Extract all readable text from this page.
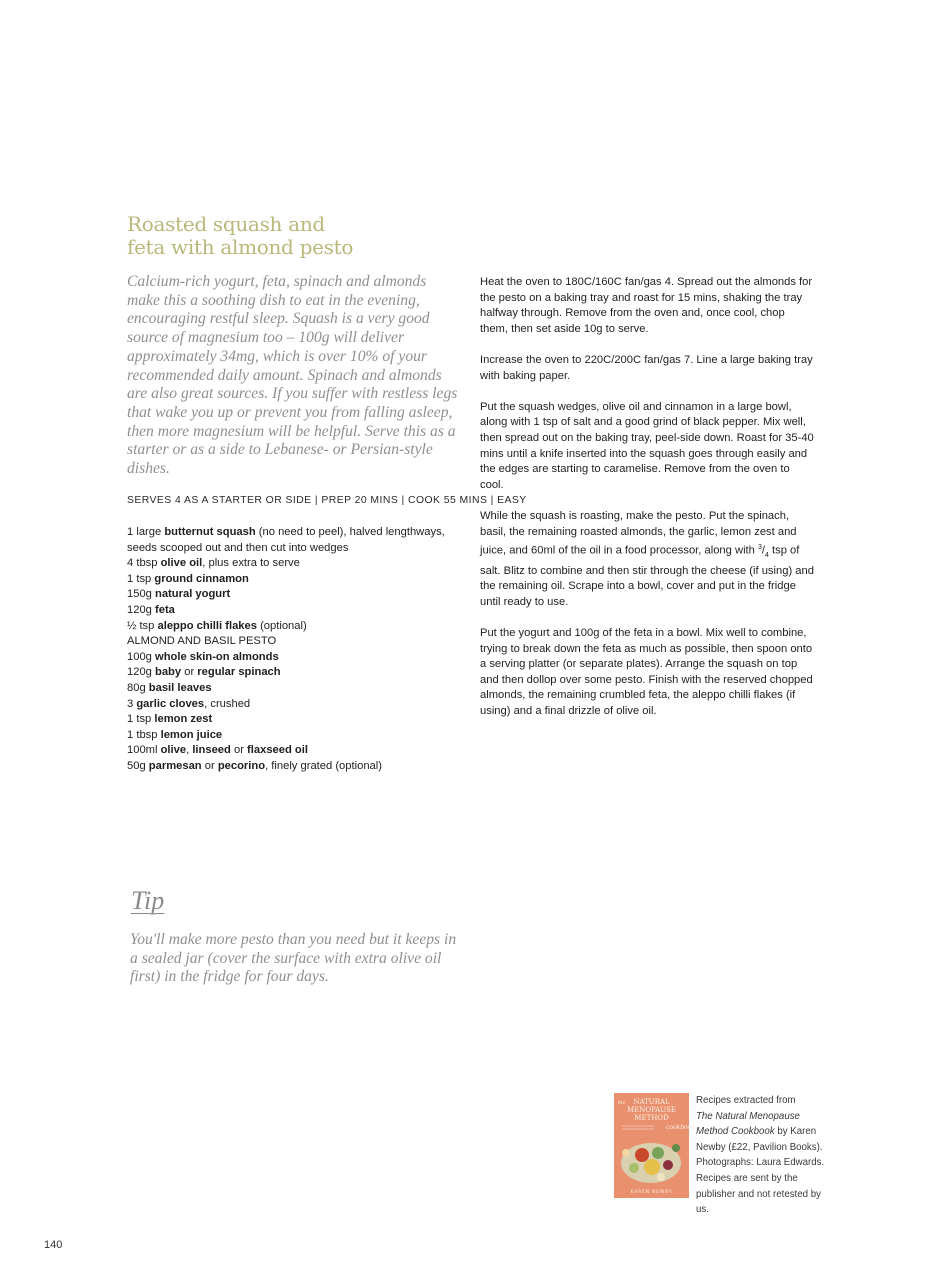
Roasted squash and
feta with almond pesto

Calcium-rich yogurt, feta, spinach and almonds make this a soothing dish to eat in the evening, encouraging restful sleep. Squash is a very good source of magnesium too – 100g will deliver approximately 34mg, which is over 10% of your recommended daily amount. Spinach and almonds are also great sources. If you suffer with restless legs that wake you up or prevent you from falling asleep, then more magnesium will be helpful. Serve this as a starter or as a side to Lebanese- or Persian-style dishes.

SERVES 4 AS A STARTER OR SIDE | PREP 20 MINS | COOK 55 MINS | EASY

1 large butternut squash (no need to peel), halved lengthways, seeds scooped out and then cut into wedges
4 tbsp olive oil, plus extra to serve
1 tsp ground cinnamon
150g natural yogurt
120g feta
½ tsp aleppo chilli flakes (optional)
ALMOND AND BASIL PESTO
100g whole skin-on almonds
120g baby or regular spinach
80g basil leaves
3 garlic cloves, crushed
1 tsp lemon zest
1 tbsp lemon juice
100ml olive, linseed or flaxseed oil
50g parmesan or pecorino, finely grated (optional)

Heat the oven to 180C/160C fan/gas 4. Spread out the almonds for the pesto on a baking tray and roast for 15 mins, shaking the tray halfway through. Remove from the oven and, once cool, chop them, then set aside 10g to serve.

Increase the oven to 220C/200C fan/gas 7. Line a large baking tray with baking paper.

Put the squash wedges, olive oil and cinnamon in a large bowl, along with 1 tsp of salt and a good grind of black pepper. Mix well, then spread out on the baking tray, peel-side down. Roast for 35-40 mins until a knife inserted into the squash goes through easily and the edges are starting to caramelise. Remove from the oven to cool.

While the squash is roasting, make the pesto. Put the spinach, basil, the remaining roasted almonds, the garlic, lemon zest and juice, and 60ml of the oil in a food processor, along with $^3/_4$ tsp of salt. Blitz to combine and then stir through the cheese (if using) and the remaining oil. Scrape into a bowl, cover and put in the fridge until ready to use.

Put the yogurt and 100g of the feta in a bowl. Mix well to combine, trying to break down the feta as much as possible, then spoon onto a serving platter (or separate plates). Arrange the squash on top and then dollop over some pesto. Finish with the reserved chopped almonds, the remaining crumbled feta, the aleppo chilli flakes (if using) and a final drizzle of olive oil.

Tip

You'll make more pesto than you need but it keeps in a sealed jar (cover the surface with extra olive oil first) in the fridge for four days.

the NATURAL
MENOPAUSE
METHOD
cookbook
KAREN NEWBY

Recipes extracted from
The Natural Menopause Method Cookbook by Karen Newby (£22, Pavilion Books). Photographs: Laura Edwards. Recipes are sent by the publisher and not retested by us.

140
